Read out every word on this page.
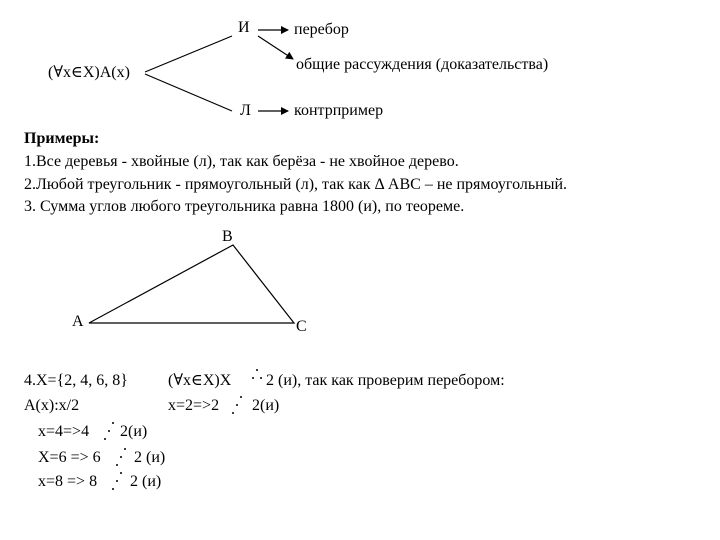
И
(∀x∈X)A(x)
Л
перебор
общие рассуждения (доказательства)
контрпример
Примеры:
1.Все деревья - хвойные (л), так как берёза - не хвойное дерево.
2.Любой треугольник - прямоугольный (л), так как Δ АВС – не прямоугольный.
3. Сумма углов любого треугольника равна 1800 (и), по теореме.
В
А	С
4.X={2, 4, 6, 8}	(∀x∈X)X 2 (и), так как проверим перебором:
A(x):x/2	x=2=>2 2(и)
x=4=>4 2(и)
X=6 => 6 2 (и)
x=8 => 8 2 (и)
